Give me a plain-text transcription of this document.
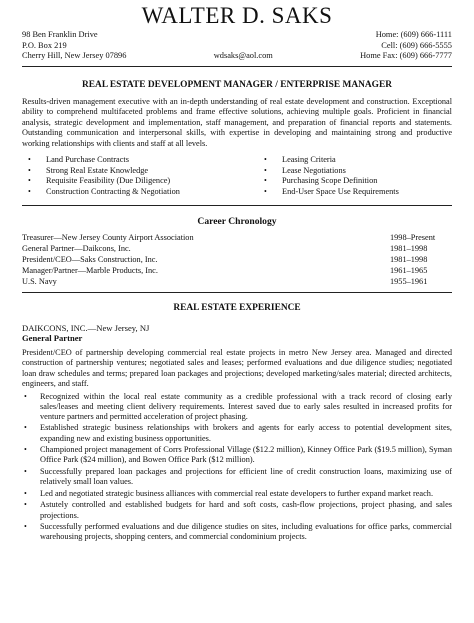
WALTER D. SAKS
98 Ben Franklin Drive
P.O. Box 219
Cherry Hill, New Jersey 07896	wdsaks@aol.com
Home: (609) 666-1111
Cell: (609) 666-5555
Home Fax: (609) 666-7777
REAL ESTATE DEVELOPMENT MANAGER / ENTERPRISE MANAGER
Results-driven management executive with an in-depth understanding of real estate development and construction. Exceptional ability to comprehend multifaceted problems and frame effective solutions, achieving multiple goals. Proficient in financial analysis, strategic development and implementation, staff management, and preparation of financial reports and statements. Outstanding communication and interpersonal skills, with expertise in developing and maintaining strong and productive working relationships with clients and staff at all levels.
•	Land Purchase Contracts
•	Strong Real Estate Knowledge
•	Requisite Feasibility (Due Diligence)
•	Construction Contracting & Negotiation
•	Leasing Criteria
•	Lease Negotiations
•	Purchasing Scope Definition
•	End-User Space Use Requirements
Career Chronology
Treasurer—New Jersey County Airport Association	1998–Present
General Partner—Daikcons, Inc.	1981–1998
President/CEO—Saks Construction, Inc.	1981–1998
Manager/Partner—Marble Products, Inc.	1961–1965
U.S. Navy	1955–1961
REAL ESTATE EXPERIENCE
DAIKCONS, INC.—New Jersey, NJ
General Partner
President/CEO of partnership developing commercial real estate projects in metro New Jersey area. Managed and directed construction of partnership ventures; negotiated sales and leases; performed evaluations and due diligence studies; negotiated loan draw schedules and terms; prepared loan packages and projections; developed marketing/sales material; directed architects, engineers, and staff.
•	Recognized within the local real estate community as a credible professional with a track record of closing early sales/leases and meeting client delivery requirements. Interest saved due to early sales resulted in increased profits for venture partners and permitted acceleration of project phasing.
•	Established strategic business relationships with brokers and agents for early access to potential development sites, expanding new and existing business opportunities.
•	Championed project management of Corrs Professional Village ($12.2 million), Kinney Office Park ($19.5 million), Syman Office Park ($24 million), and Bowen Office Park ($12 million).
•	Successfully prepared loan packages and projections for efficient line of credit construction loans, maximizing use of relatively small loan values.
•	Led and negotiated strategic business alliances with commercial real estate developers to further expand market reach.
•	Astutely controlled and established budgets for hard and soft costs, cash-flow projections, project phasing, and sales projections.
•	Successfully performed evaluations and due diligence studies on sites, including evaluations for office parks, commercial warehousing projects, shopping centers, and commercial condominium projects.
